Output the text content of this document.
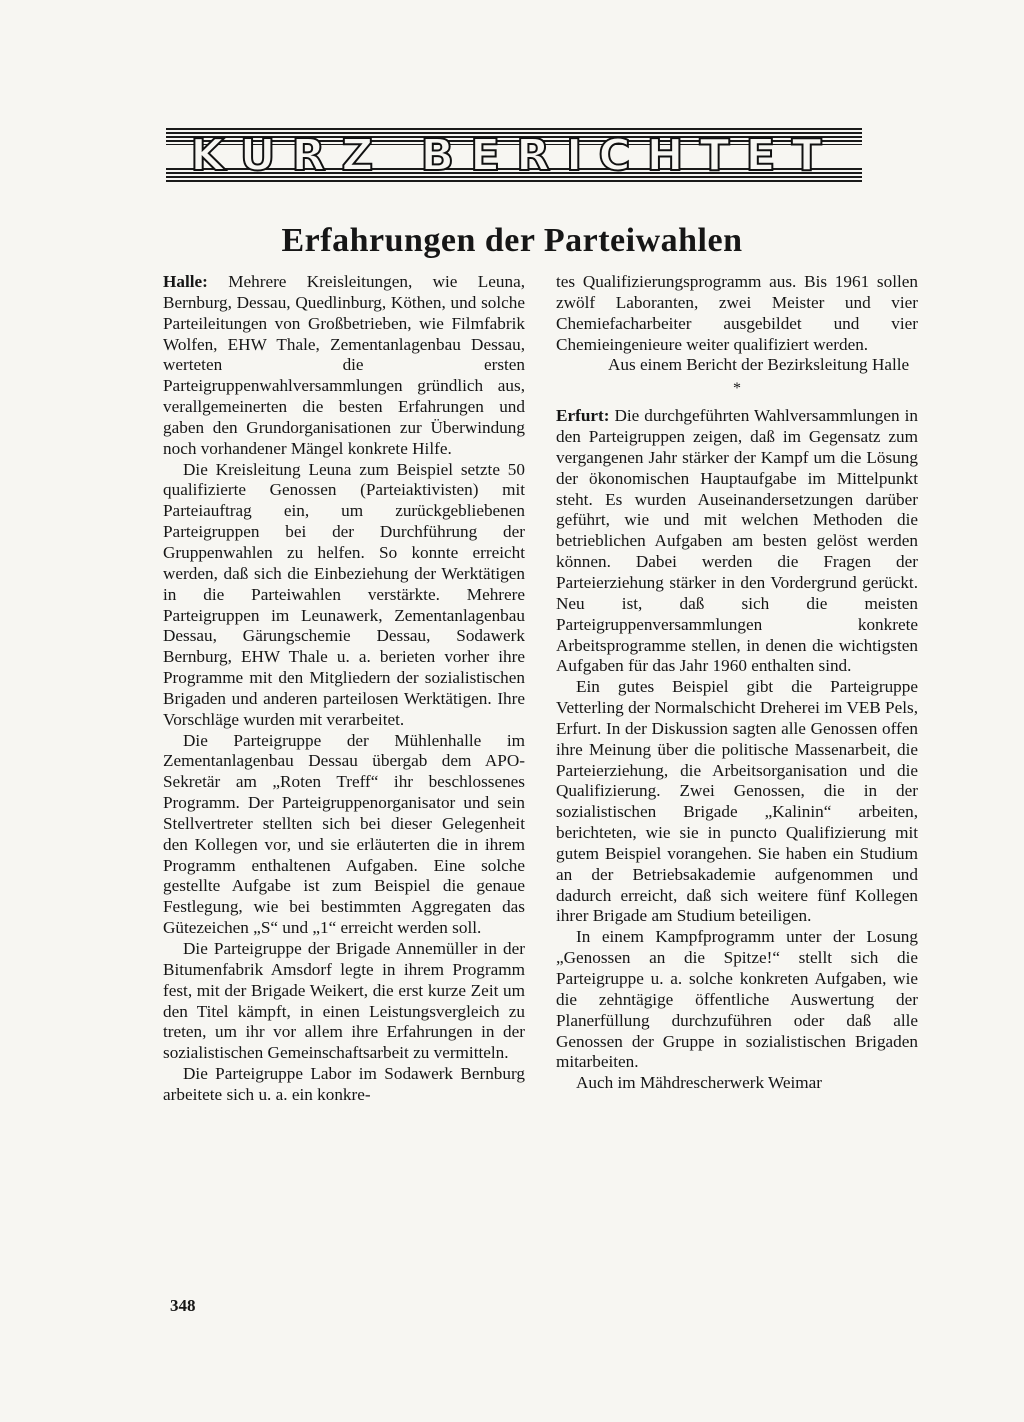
KURZ BERICHTET
Erfahrungen der Parteiwahlen

Halle: Mehrere Kreisleitungen, wie Leuna, Bernburg, Dessau, Quedlinburg, Köthen, und solche Parteileitungen von Großbetrieben, wie Filmfabrik Wolfen, EHW Thale, Zementanlagenbau Dessau, werteten die ersten Parteigruppenwahlversammlungen gründlich aus, verallgemeinerten die besten Erfahrungen und gaben den Grundorganisationen zur Überwindung noch vorhandener Mängel konkrete Hilfe.

Die Kreisleitung Leuna zum Beispiel setzte 50 qualifizierte Genossen (Parteiaktivisten) mit Parteiauftrag ein, um zurückgebliebenen Parteigruppen bei der Durchführung der Gruppenwahlen zu helfen. So konnte erreicht werden, daß sich die Einbeziehung der Werktätigen in die Parteiwahlen verstärkte. Mehrere Parteigruppen im Leunawerk, Zementanlagenbau Dessau, Gärungschemie Dessau, Sodawerk Bernburg, EHW Thale u. a. berieten vorher ihre Programme mit den Mitgliedern der sozialistischen Brigaden und anderen parteilosen Werktätigen. Ihre Vorschläge wurden mit verarbeitet.

Die Parteigruppe der Mühlenhalle im Zementanlagenbau Dessau übergab dem APO-Sekretär am „Roten Treff“ ihr beschlossenes Programm. Der Parteigruppenorganisator und sein Stellvertreter stellten sich bei dieser Gelegenheit den Kollegen vor, und sie erläuterten die in ihrem Programm enthaltenen Aufgaben. Eine solche gestellte Aufgabe ist zum Beispiel die genaue Festlegung, wie bei bestimmten Aggregaten das Gütezeichen „S“ und „1“ erreicht werden soll.

Die Parteigruppe der Brigade Annemüller in der Bitumenfabrik Amsdorf legte in ihrem Programm fest, mit der Brigade Weikert, die erst kurze Zeit um den Titel kämpft, in einen Leistungsvergleich zu treten, um ihr vor allem ihre Erfahrungen in der sozialistischen Gemeinschaftsarbeit zu vermitteln.

Die Parteigruppe Labor im Sodawerk Bernburg arbeitete sich u. a. ein konkre-

tes Qualifizierungsprogramm aus. Bis 1961 sollen zwölf Laboranten, zwei Meister und vier Chemiefacharbeiter ausgebildet und vier Chemieingenieure weiter qualifiziert werden.

Aus einem Bericht der Bezirksleitung Halle

*

Erfurt: Die durchgeführten Wahlversammlungen in den Parteigruppen zeigen, daß im Gegensatz zum vergangenen Jahr stärker der Kampf um die Lösung der ökonomischen Hauptaufgabe im Mittelpunkt steht. Es wurden Auseinandersetzungen darüber geführt, wie und mit welchen Methoden die betrieblichen Aufgaben am besten gelöst werden können. Dabei werden die Fragen der Parteierziehung stärker in den Vordergrund gerückt. Neu ist, daß sich die meisten Parteigruppenversammlungen konkrete Arbeitsprogramme stellen, in denen die wichtigsten Aufgaben für das Jahr 1960 enthalten sind.

Ein gutes Beispiel gibt die Parteigruppe Vetterling der Normalschicht Dreherei im VEB Pels, Erfurt. In der Diskussion sagten alle Genossen offen ihre Meinung über die politische Massenarbeit, die Parteierziehung, die Arbeitsorganisation und die Qualifizierung. Zwei Genossen, die in der sozialistischen Brigade „Kalinin“ arbeiten, berichteten, wie sie in puncto Qualifizierung mit gutem Beispiel vorangehen. Sie haben ein Studium an der Betriebsakademie aufgenommen und dadurch erreicht, daß sich weitere fünf Kollegen ihrer Brigade am Studium beteiligen.

In einem Kampfprogramm unter der Losung „Genossen an die Spitze!“ stellt sich die Parteigruppe u. a. solche konkreten Aufgaben, wie die zehntägige öffentliche Auswertung der Planerfüllung durchzuführen oder daß alle Genossen der Gruppe in sozialistischen Brigaden mitarbeiten.

Auch im Mähdrescherwerk Weimar

348
